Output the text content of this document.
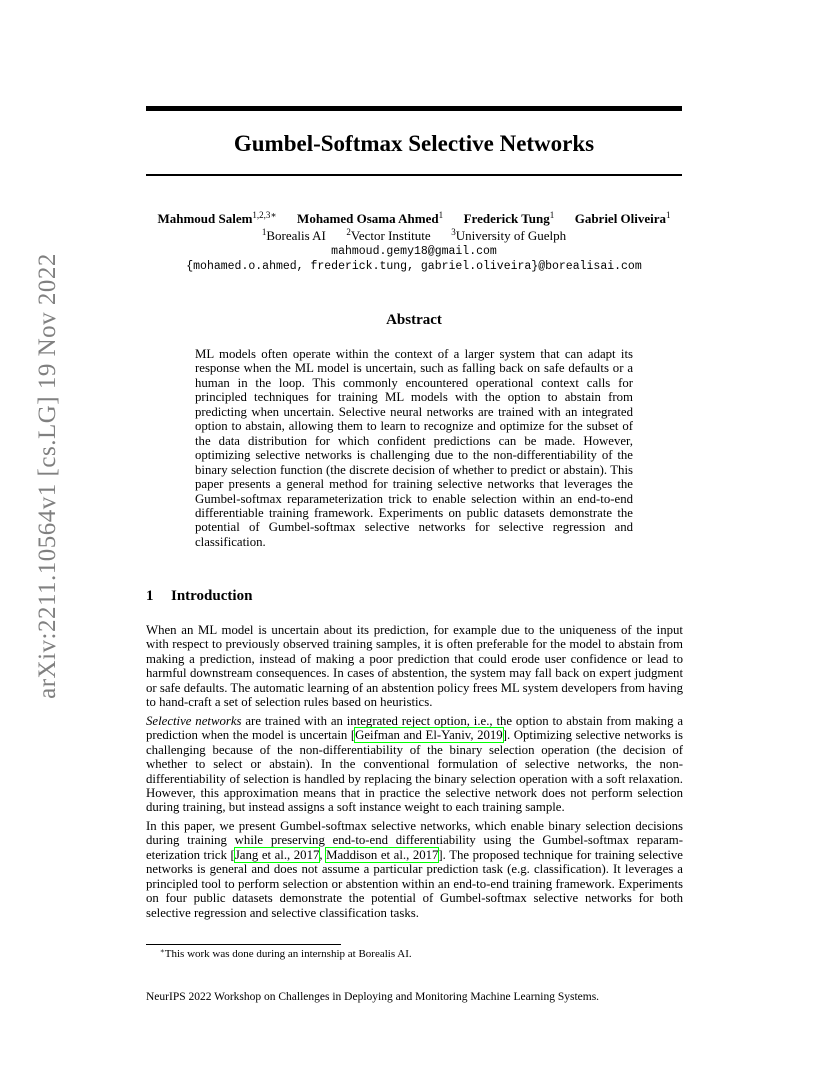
arXiv:2211.10564v1 [cs.LG] 19 Nov 2022
Gumbel-Softmax Selective Networks
Mahmoud Salem$^{1,2,3∗}$ Mohamed Osama Ahmed$^1$ Frederick Tung$^1$ Gabriel Oliveira$^1$
$^1$Borealis AI $^2$Vector Institute $^3$University of Guelph
mahmoud.gemy18@gmail.com
{mohamed.o.ahmed, frederick.tung, gabriel.oliveira}@borealisai.com
Abstract
ML models often operate within the context of a larger system that can adapt its response when the ML model is uncertain, such as falling back on safe defaults or a human in the loop. This commonly encountered operational context calls for principled techniques for training ML models with the option to abstain from predicting when uncertain. Selective neural networks are trained with an integrated option to abstain, allowing them to learn to recognize and optimize for the subset of the data distribution for which confident predictions can be made. However, optimizing selective networks is challenging due to the non-differentiability of the binary selection function (the discrete decision of whether to predict or abstain). This paper presents a general method for training selective networks that leverages the Gumbel-softmax reparameterization trick to enable selection within an end-to-end differentiable training framework. Experiments on public datasets demonstrate the potential of Gumbel-softmax selective networks for selective regression and classification.
1 Introduction

When an ML model is uncertain about its prediction, for example due to the uniqueness of the input with respect to previously observed training samples, it is often preferable for the model to abstain from making a prediction, instead of making a poor prediction that could erode user confidence or lead to harmful downstream consequences. In cases of abstention, the system may fall back on expert judgment or safe defaults. The automatic learning of an abstention policy frees ML system developers from having to hand-craft a set of selection rules based on heuristics.

Selective networks are trained with an integrated reject option, i.e., the option to abstain from making a prediction when the model is uncertain [Geifman and El-Yaniv, 2019]. Optimizing selective networks is challenging because of the non-differentiability of the binary selection operation (the decision of whether to select or abstain). In the conventional formulation of selective networks, the non-differentiability of selection is handled by replacing the binary selection operation with a soft relaxation. However, this approximation means that in practice the selective network does not perform selection during training, but instead assigns a soft instance weight to each training sample.

In this paper, we present Gumbel-softmax selective networks, which enable binary selection decisions during training while preserving end-to-end differentiability using the Gumbel-softmax reparam-eterization trick [Jang et al., 2017, Maddison et al., 2017]. The proposed technique for training selective networks is general and does not assume a particular prediction task (e.g. classification). It leverages a principled tool to perform selection or abstention within an end-to-end training framework. Experiments on four public datasets demonstrate the potential of Gumbel-softmax selective networks for both selective regression and selective classification tasks.

∗This work was done during an internship at Borealis AI.
NeurIPS 2022 Workshop on Challenges in Deploying and Monitoring Machine Learning Systems.
